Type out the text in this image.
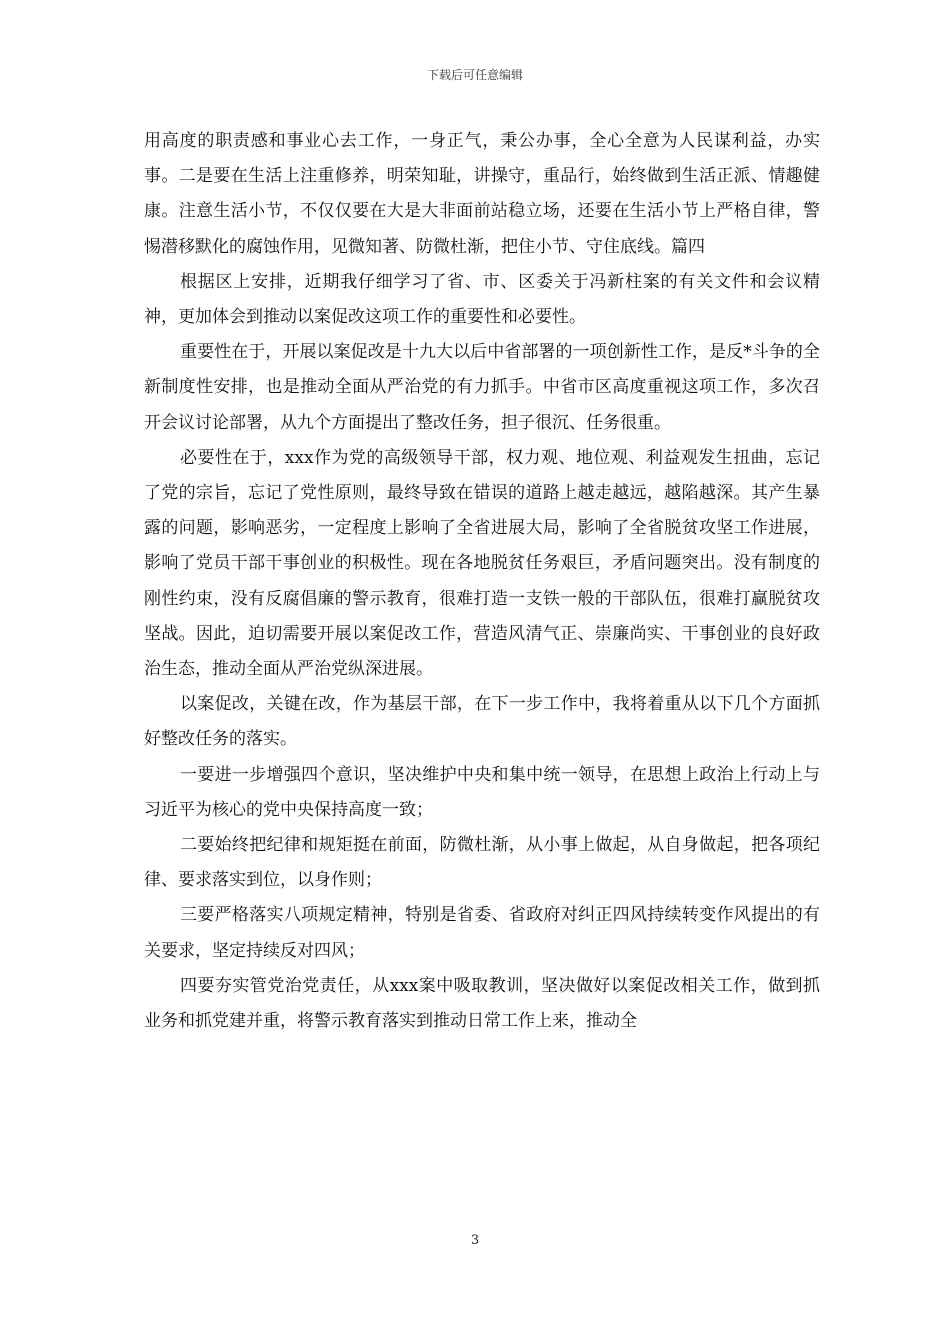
下载后可任意编辑

用高度的职责感和事业心去工作，一身正气，秉公办事，全心全意为人民谋利益，办实事。二是要在生活上注重修养，明荣知耻，讲操守，重品行，始终做到生活正派、情趣健康。注意生活小节，不仅仅要在大是大非面前站稳立场，还要在生活小节上严格自律，警惕潜移默化的腐蚀作用，见微知著、防微杜渐，把住小节、守住底线。篇四

根据区上安排，近期我仔细学习了省、市、区委关于冯新柱案的有关文件和会议精神，更加体会到推动以案促改这项工作的重要性和必要性。

重要性在于，开展以案促改是十九大以后中省部署的一项创新性工作，是反*斗争的全新制度性安排，也是推动全面从严治党的有力抓手。中省市区高度重视这项工作，多次召开会议讨论部署，从九个方面提出了整改任务，担子很沉、任务很重。

必要性在于，xxx作为党的高级领导干部，权力观、地位观、利益观发生扭曲，忘记了党的宗旨，忘记了党性原则，最终导致在错误的道路上越走越远，越陷越深。其产生暴露的问题，影响恶劣，一定程度上影响了全省进展大局，影响了全省脱贫攻坚工作进展，影响了党员干部干事创业的积极性。现在各地脱贫任务艰巨，矛盾问题突出。没有制度的刚性约束，没有反腐倡廉的警示教育，很难打造一支铁一般的干部队伍，很难打赢脱贫攻坚战。因此，迫切需要开展以案促改工作，营造风清气正、崇廉尚实、干事创业的良好政治生态，推动全面从严治党纵深进展。

以案促改，关键在改，作为基层干部，在下一步工作中，我将着重从以下几个方面抓好整改任务的落实。

一要进一步增强四个意识，坚决维护中央和集中统一领导，在思想上政治上行动上与习近平为核心的党中央保持高度一致；

二要始终把纪律和规矩挺在前面，防微杜渐，从小事上做起，从自身做起，把各项纪律、要求落实到位，以身作则；

三要严格落实八项规定精神，特别是省委、省政府对纠正四风持续转变作风提出的有关要求，坚定持续反对四风；

四要夯实管党治党责任，从xxx案中吸取教训，坚决做好以案促改相关工作，做到抓业务和抓党建并重，将警示教育落实到推动日常工作上来，推动全

3
